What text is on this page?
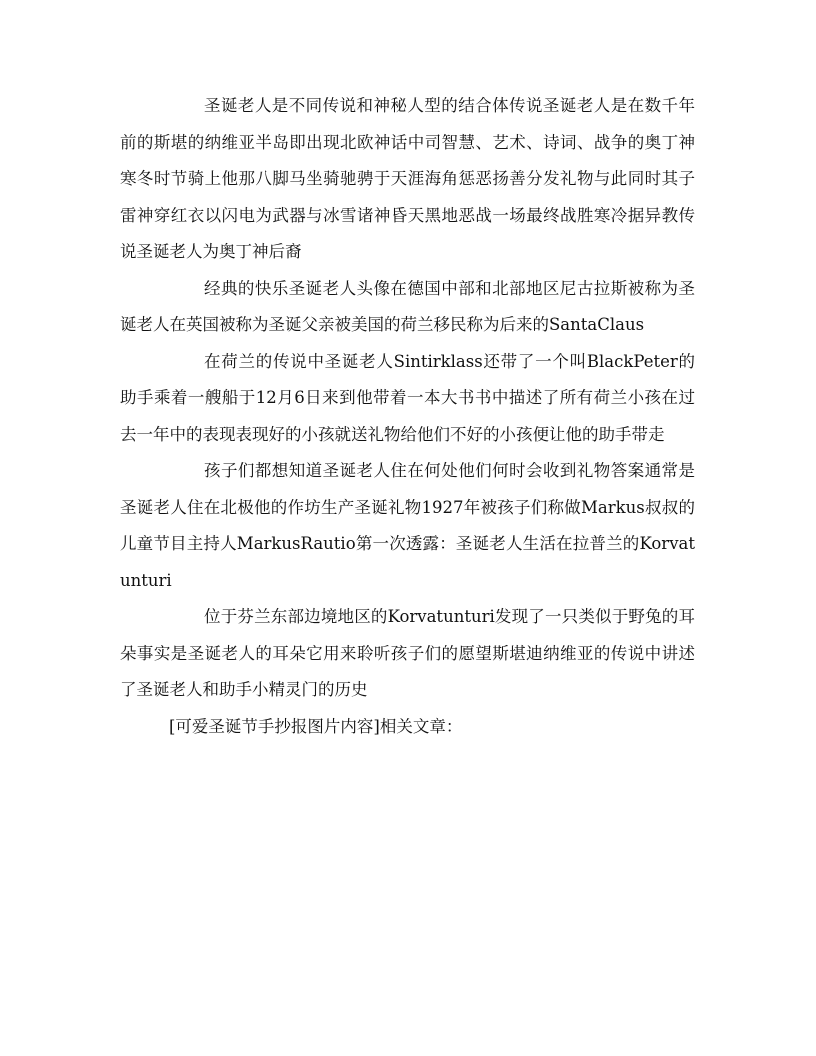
圣诞老人是不同传说和神秘人型的结合体传说圣诞老人是在数千年前的斯堪的纳维亚半岛即出现北欧神话中司智慧、艺术、诗词、战争的奥丁神寒冬时节骑上他那八脚马坐骑驰骋于天涯海角惩恶扬善分发礼物与此同时其子雷神穿红衣以闪电为武器与冰雪诸神昏天黑地恶战一场最终战胜寒冷据异教传说圣诞老人为奥丁神后裔

经典的快乐圣诞老人头像在德国中部和北部地区尼古拉斯被称为圣诞老人在英国被称为圣诞父亲被美国的荷兰移民称为后来的SantaClaus

在荷兰的传说中圣诞老人Sintirklass还带了一个叫BlackPeter的助手乘着一艘船于12月6日来到他带着一本大书书中描述了所有荷兰小孩在过去一年中的表现表现好的小孩就送礼物给他们不好的小孩便让他的助手带走

孩子们都想知道圣诞老人住在何处他们何时会收到礼物答案通常是圣诞老人住在北极他的作坊生产圣诞礼物1927年被孩子们称做Markus叔叔的儿童节目主持人MarkusRautio第一次透露：圣诞老人生活在拉普兰的Korvatunturi

位于芬兰东部边境地区的Korvatunturi发现了一只类似于野兔的耳朵事实是圣诞老人的耳朵它用来聆听孩子们的愿望斯堪迪纳维亚的传说中讲述了圣诞老人和助手小精灵门的历史

[可爱圣诞节手抄报图片内容]相关文章：
